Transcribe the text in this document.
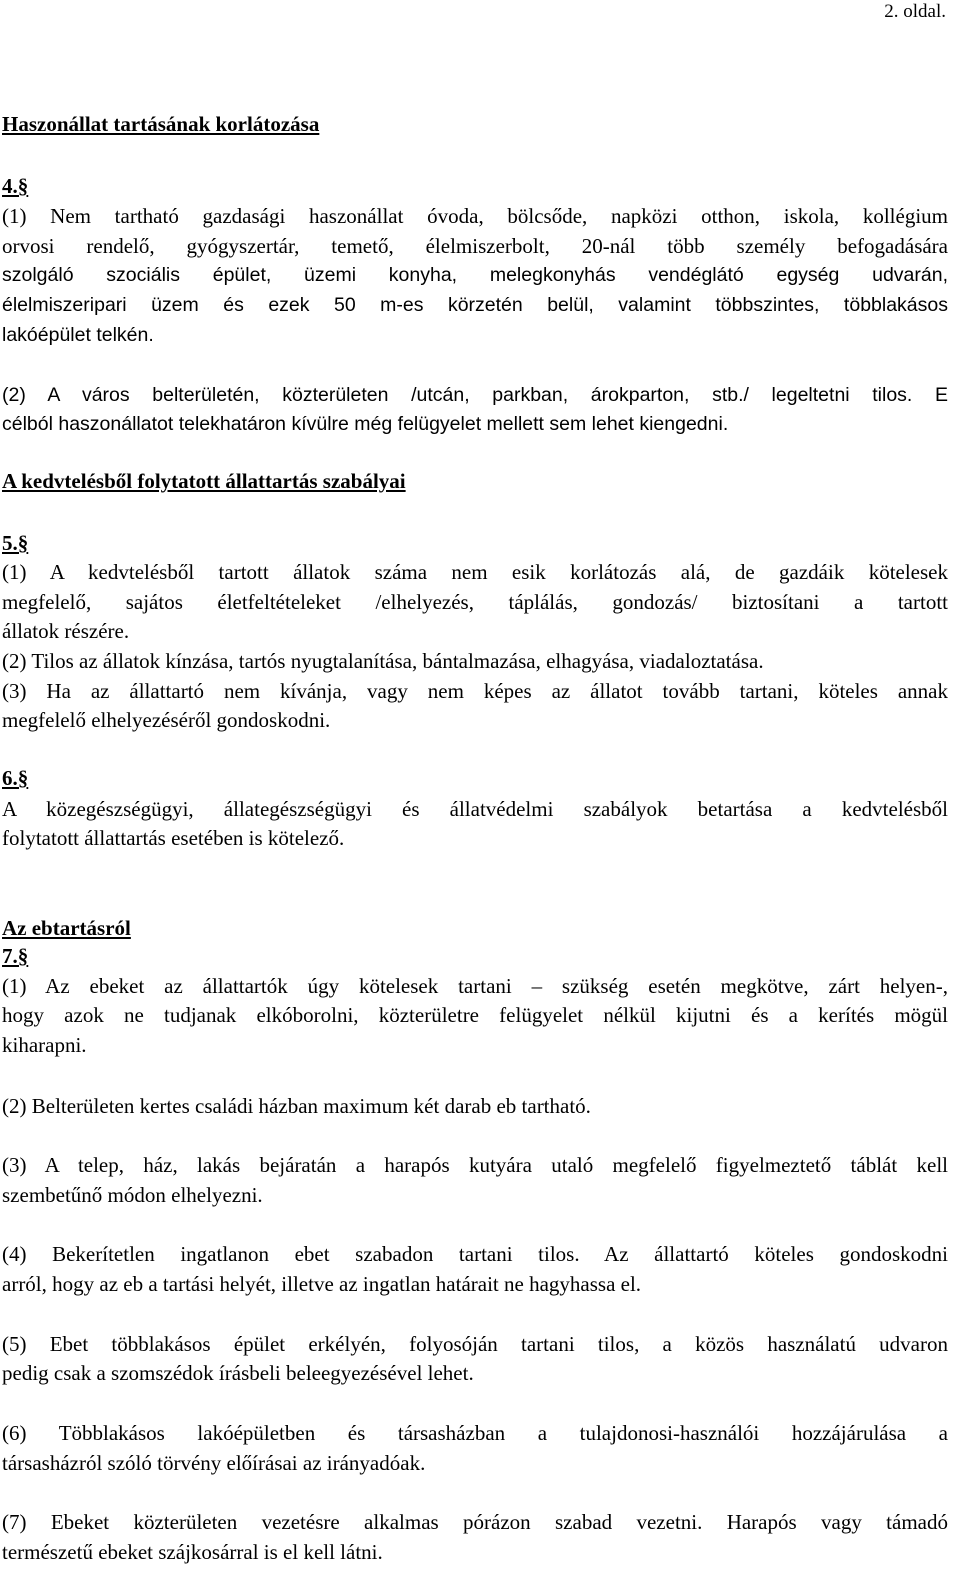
2. oldal.
Haszonállat tartásának korlátozása
4.§
(1) Nem tartható gazdasági haszonállat óvoda, bölcsőde, napközi otthon, iskola, kollégium
orvosi rendelő, gyógyszertár, temető, élelmiszerbolt, 20-nál több személy befogadására
szolgáló szociális épület, üzemi konyha, melegkonyhás vendéglátó egység udvarán,
élelmiszeripari üzem és ezek 50 m-es körzetén belül, valamint többszintes, többlakásos
lakóépület telkén.
(2) A város belterületén, közterületen /utcán, parkban, árokparton, stb./ legeltetni tilos. E
célból haszonállatot telekhatáron kívülre még felügyelet mellett sem lehet kiengedni.
A kedvtelésből folytatott állattartás szabályai
5.§
(1) A kedvtelésből tartott állatok száma nem esik korlátozás alá, de gazdáik kötelesek
megfelelő, sajátos életfeltételeket /elhelyezés, táplálás, gondozás/ biztosítani a tartott
állatok részére.
(2) Tilos az állatok kínzása, tartós nyugtalanítása, bántalmazása, elhagyása, viadaloztatása.
(3) Ha az állattartó nem kívánja, vagy nem képes az állatot tovább tartani, köteles annak
megfelelő elhelyezéséről gondoskodni.
6.§
A közegészségügyi, állategészségügyi és állatvédelmi szabályok betartása a kedvtelésből
folytatott állattartás esetében is kötelező.
Az ebtartásról
7.§
(1) Az ebeket az állattartók úgy kötelesek tartani – szükség esetén megkötve, zárt helyen-,
hogy azok ne tudjanak elkóborolni, közterületre felügyelet nélkül kijutni és a kerítés mögül
kiharapni.
(2) Belterületen kertes családi házban maximum két darab eb tartható.
(3) A telep, ház, lakás bejáratán a harapós kutyára utaló megfelelő figyelmeztető táblát kell
szembetűnő módon elhelyezni.
(4) Bekerítetlen ingatlanon ebet szabadon tartani tilos. Az állattartó köteles gondoskodni
arról, hogy az eb a tartási helyét, illetve az ingatlan határait ne hagyhassa el.
(5) Ebet többlakásos épület erkélyén, folyosóján tartani tilos, a közös használatú udvaron
pedig csak a szomszédok írásbeli beleegyezésével lehet.
(6) Többlakásos lakóépületben és társasházban a tulajdonosi-használói hozzájárulása a
társasházról szóló törvény előírásai az irányadóak.
(7) Ebeket közterületen vezetésre alkalmas pórázon szabad vezetni. Harapós vagy támadó
természetű ebeket szájkosárral is el kell látni.
